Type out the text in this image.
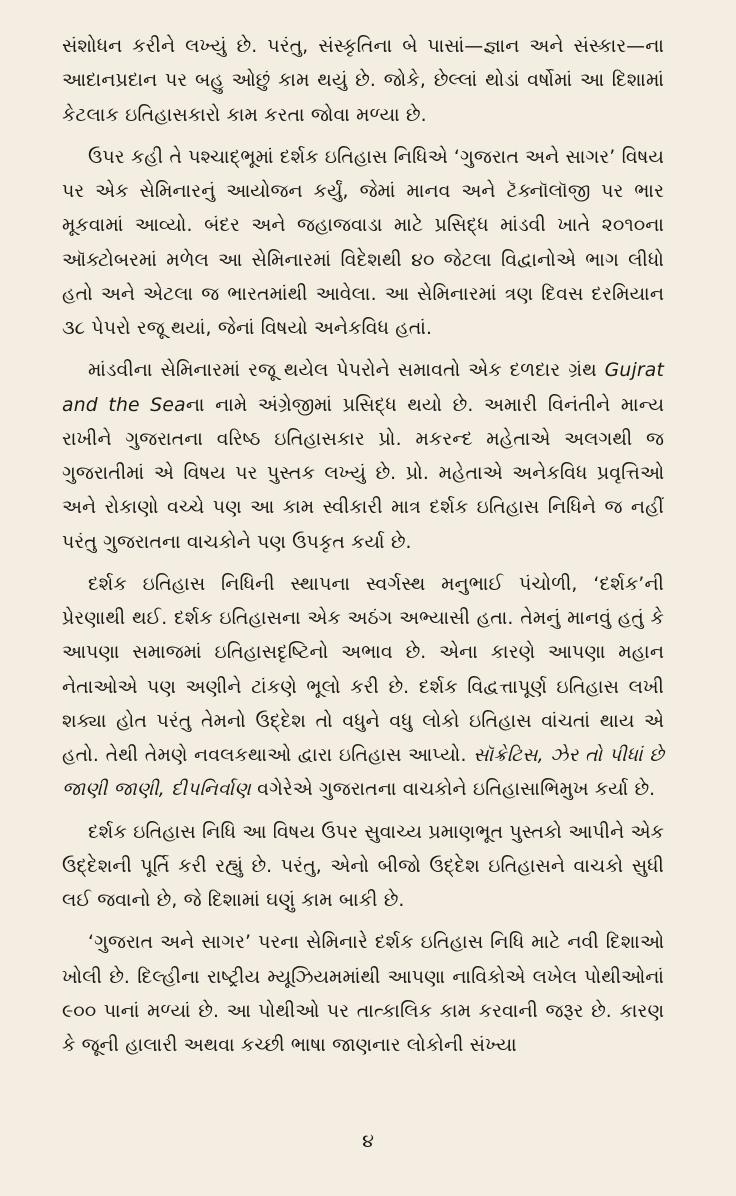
સંશોધન કરીને લખ્યું છે. પરંતુ, સંસ્કૃતિના બે પાસાં—જ્ઞાન અને સંસ્કાર—ના આદાનપ્રદાન પર બહુ ઓછું કામ થયું છે. જોકે, છેલ્લાં થોડાં વર્ષોમાં આ દિશામાં કેટલાક ઇતિહાસકારો કામ કરતા જોવા મળ્યા છે.

ઉપર કહી તે પશ્ચાદ્ભૂમાં દર્શક ઇતિહાસ નિધિએ ‘ગુજરાત અને સાગર’ વિષય પર એક સેમિનારનું આયોજન કર્યું, જેમાં માનવ અને ટૅક્નૉલૉજી પર ભાર મૂકવામાં આવ્યો. બંદર અને જહાજવાડા માટે પ્રસિદ્ધ માંડવી ખાતે ૨૦૧૦ના ઑક્ટોબરમાં મળેલ આ સેમિનારમાં વિદેશથી ૪૦ જેટલા વિદ્વાનોએ ભાગ લીધો હતો અને એટલા જ ભારતમાંથી આવેલા. આ સેમિનારમાં ત્રણ દિવસ દરમિયાન ૩૮ પેપરો રજૂ થયાં, જેનાં વિષયો અનેકવિધ હતાં.

માંડવીના સેમિનારમાં રજૂ થયેલ પેપરોને સમાવતો એક દળદાર ગ્રંથ Gujrat and the Seaના નામે અંગ્રેજીમાં પ્રસિદ્ધ થયો છે. અમારી વિનંતીને માન્ય રાખીને ગુજરાતના વરિષ્ઠ ઇતિહાસકાર પ્રો. મકરન્દ મહેતાએ અલગથી જ ગુજરાતીમાં એ વિષય પર પુસ્તક લખ્યું છે. પ્રો. મહેતાએ અનેકવિધ પ્રવૃત્તિઓ અને રોકાણો વચ્ચે પણ આ કામ સ્વીકારી માત્ર દર્શક ઇતિહાસ નિધિને જ નહીં પરંતુ ગુજરાતના વાચકોને પણ ઉપકૃત કર્યા છે.

દર્શક ઇતિહાસ નિધિની સ્થાપના સ્વર્ગસ્થ મનુભાઈ પંચોળી, ‘દર્શક’ની પ્રેરણાથી થઈ. દર્શક ઇતિહાસના એક અઠંગ અભ્યાસી હતા. તેમનું માનવું હતું કે આપણા સમાજમાં ઇતિહાસદૃષ્ટિનો અભાવ છે. એના કારણે આપણા મહાન નેતાઓએ પણ અણીને ટાંકણે ભૂલો કરી છે. દર્શક વિદ્વત્તાપૂર્ણ ઇતિહાસ લખી શક્યા હોત પરંતુ તેમનો ઉદ્દેશ તો વધુને વધુ લોકો ઇતિહાસ વાંચતાં થાય એ હતો. તેથી તેમણે નવલકથાઓ દ્વારા ઇતિહાસ આપ્યો. સૉક્રેટિસ, ઝેર તો પીધાં છે જાણી જાણી, દીપનિર્વાણ વગેરેએ ગુજરાતના વાચકોને ઇતિહાસાભિમુખ કર્યા છે.

દર્શક ઇતિહાસ નિધિ આ વિષય ઉપર સુવાચ્ય પ્રમાણભૂત પુસ્તકો આપીને એક ઉદ્દેશની પૂર્તિ કરી રહ્યું છે. પરંતુ, એનો બીજો ઉદ્દેશ ઇતિહાસને વાચકો સુધી લઈ જવાનો છે, જે દિશામાં ઘણું કામ બાકી છે.

‘ગુજરાત અને સાગર’ પરના સેમિનારે દર્શક ઇતિહાસ નિધિ માટે નવી દિશાઓ ખોલી છે. દિલ્હીના રાષ્ટ્રીય મ્યૂઝિયમમાંથી આપણા નાવિકોએ લખેલ પોથીઓનાં ૯૦૦ પાનાં મળ્યાં છે. આ પોથીઓ પર તાત્કાલિક કામ કરવાની જરૂર છે. કારણ કે જૂની હાલારી અથવા કચ્છી ભાષા જાણનાર લોકોની સંખ્યા

૪
